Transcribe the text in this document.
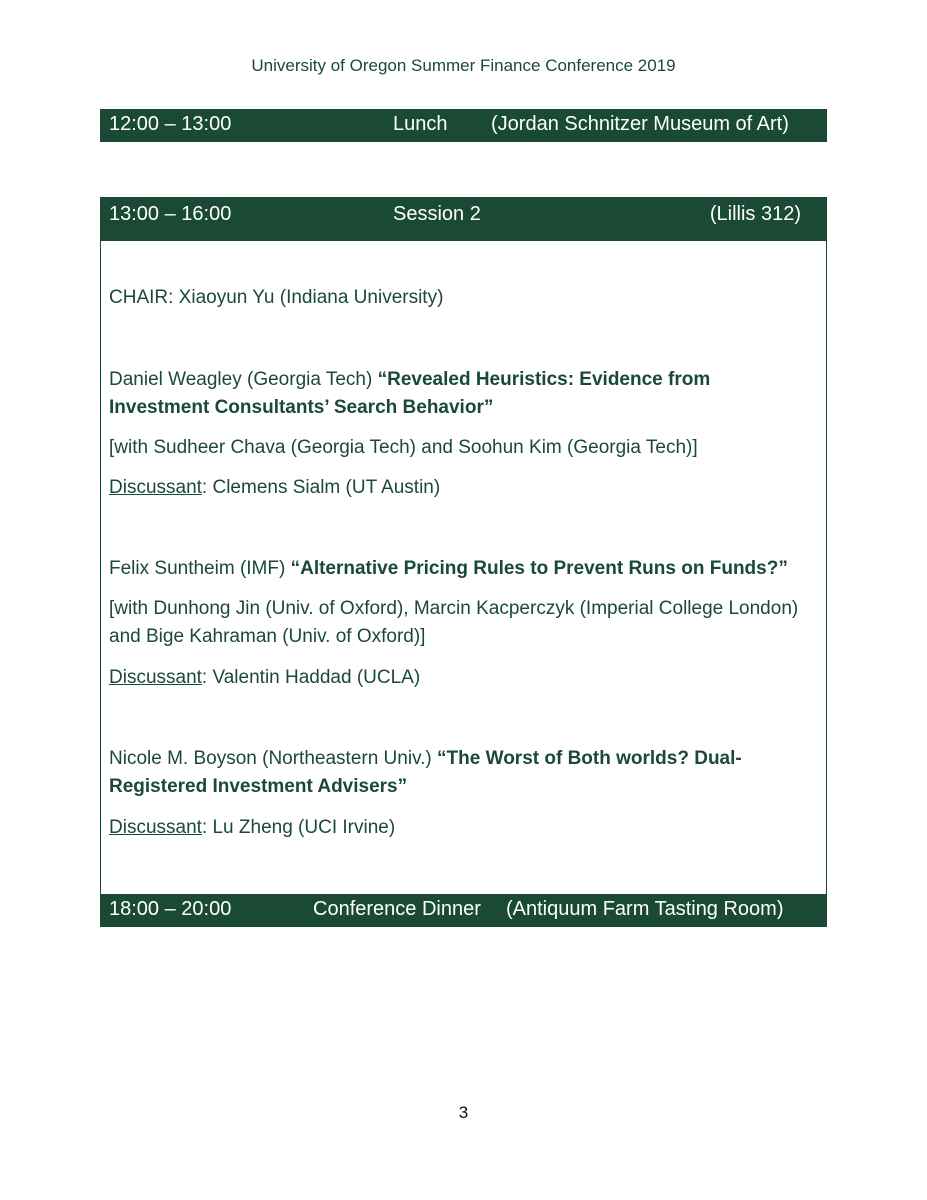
University of Oregon Summer Finance Conference 2019
12:00 – 13:00	Lunch (Jordan Schnitzer Museum of Art)
13:00 – 16:00	Session 2	(Lillis 312)
CHAIR: Xiaoyun Yu (Indiana University)
Daniel Weagley (Georgia Tech) “Revealed Heuristics: Evidence from
Investment Consultants’ Search Behavior”
[with Sudheer Chava (Georgia Tech) and Soohun Kim (Georgia Tech)]
Discussant: Clemens Sialm (UT Austin)
Felix Suntheim (IMF) “Alternative Pricing Rules to Prevent Runs on Funds?”
[with Dunhong Jin (Univ. of Oxford), Marcin Kacperczyk (Imperial College London)
and Bige Kahraman (Univ. of Oxford)]
Discussant: Valentin Haddad (UCLA)
Nicole M. Boyson (Northeastern Univ.) “The Worst of Both worlds? Dual-
Registered Investment Advisers”
Discussant: Lu Zheng (UCI Irvine)
18:00 – 20:00	Conference Dinner (Antiquum Farm Tasting Room)
3
